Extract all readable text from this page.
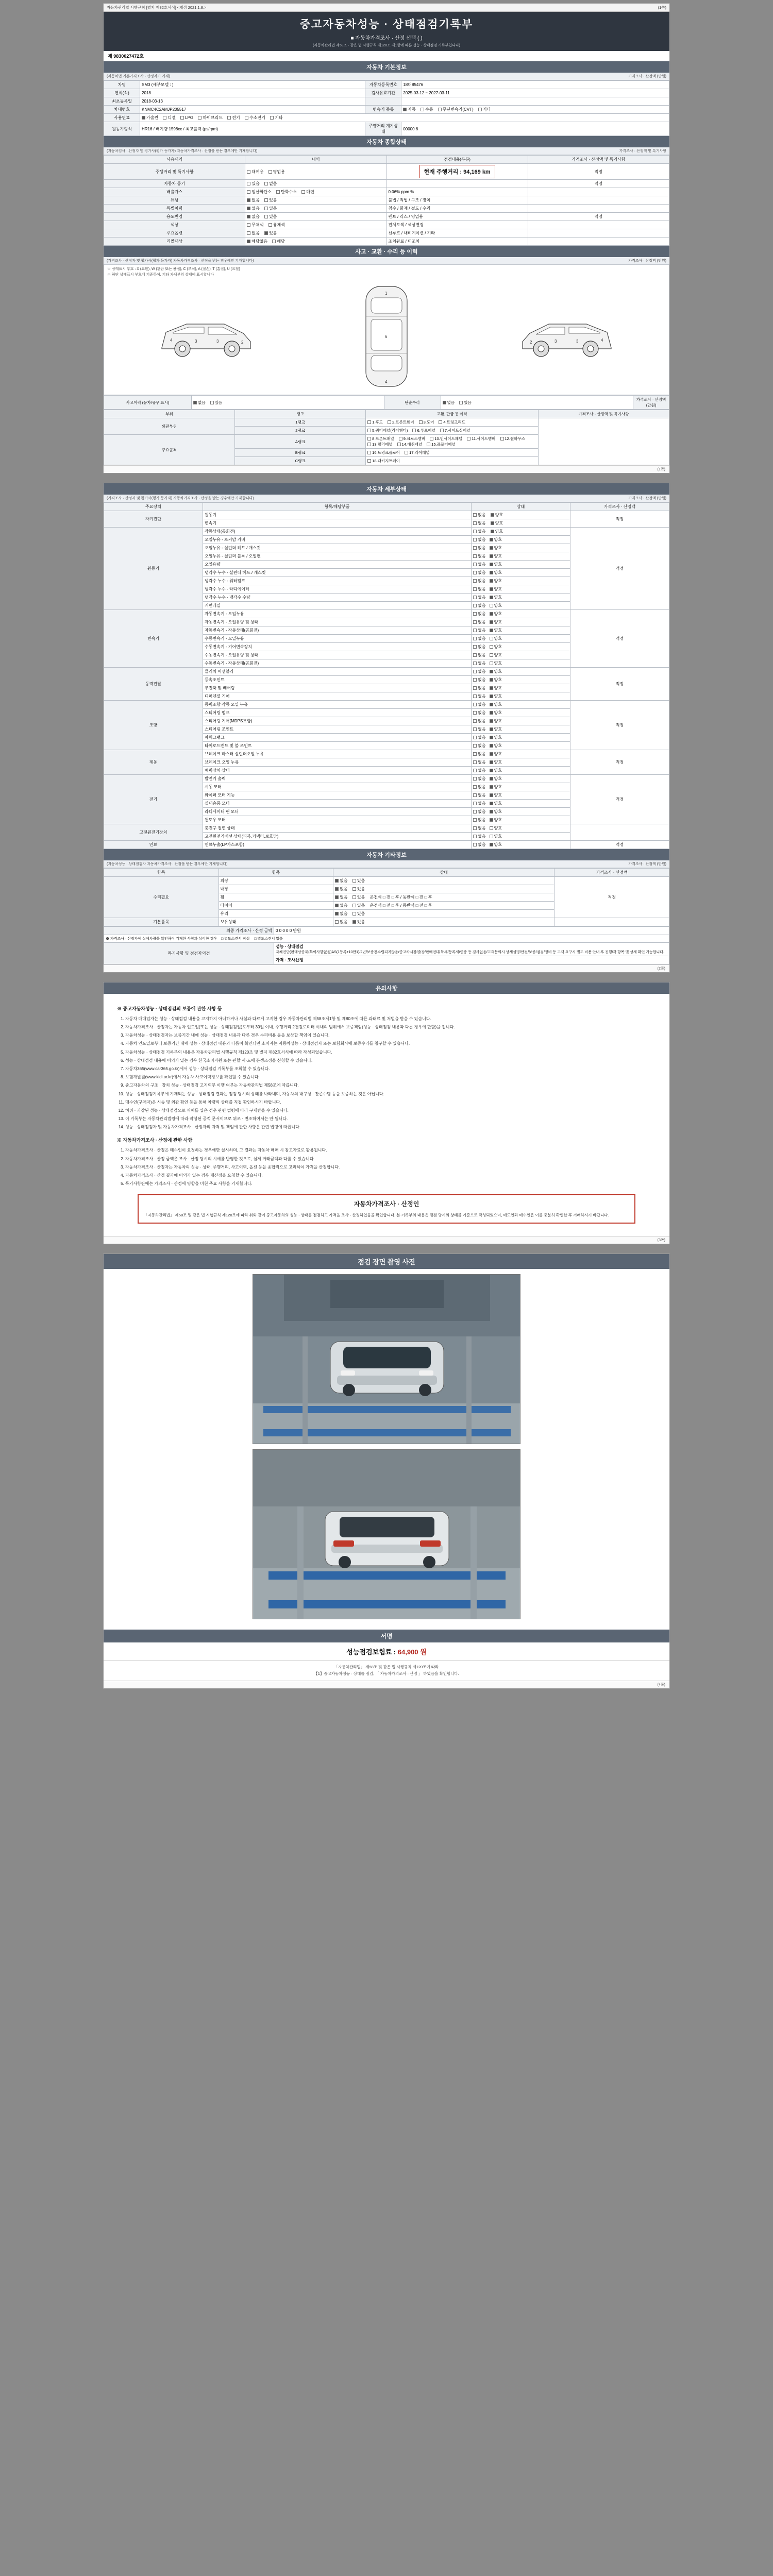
자동차관리법 시행규칙 [별지 제82호서식] <개정 2021.1.8.>	(1쪽)
중고자동차성능 · 상태점검기록부
■ 자동차가격조사 · 산정 선택 ( )
(자동차관리법 제58조 · 같은 법 시행규칙 제120조 제1항에 따른 성능 · 상태점검 기록부입니다)
제 9830027472호
자동차 기본정보
(자동차법 기본가격조사 · 산정자가 기재)	가격조사 · 산정액 (만원)
차명	SM3 (세부모델 : )	자동차등록번호	18머85476
연식(식)	2018	검사유효기간	2025-03-12 ~ 2027-03-11
최초등록일	2018-03-13		
차대번호	KNMC4C2AMJP205517	변속기 종류	자동 수동 무단변속기(CVT) 기타
사용연료	가솔린 디젤 LPG 하이브리드 전기 수소전기 기타		
원동기형식	HR16 / 배기량 1598cc / 최고출력 (ps/rpm)	주행거리 계기상태	00000 6
자동차 종합상태
(자동차검사 · 산정자 및 평가사(평가 등가자) 자동차가격조사 · 산정을 받는 경우에만 기재합니다)	가격조사 · 산정액 및 특기사항
사용내역	내역	점검내용(부분)	가격조사 · 산정액 및 특기사항
주행거리 및 특기사항	대여용 영업용	현재 주행거리 : 94,169 km	적정
자동차 등기	있음 없음		적정
배출가스	일산화탄소 탄화수소 매연	0.06% ppm %	
튜닝	없음 있음	불법 / 적법 / 구조 / 장치	
특별이력	없음 있음	침수 / 화재 / 절도 / 수리	
용도변경	없음 있음	렌트 / 리스 / 영업용	적정
색상	무채색 유채색	전체도색 / 색상변경	
주요옵션	없음 있음	선루프 / 내비게이션 / 기타	
리콜대상	해당없음 해당	조치완료 / 미조치	
사고 · 교환 · 수리 등 이력
(가격조사 · 산정자 및 평가사(평가 등가자) 자동차가격조사 · 산정을 받는 경우에만 기재합니다)	가격조사 · 산정액 (만원)
※ 상태표시 부호 : X (교환), W (판금 또는 용접), C (부식), A (절손), T (흠집), U (요철)
※ 하단 상태표시 부호에 기준하여, 기타 차체부위 상태에 표시합니다
4	3	3	2
1
6
4
4
3
3
2
사고이력 (유자/유무 표시)	없음 있음	단순수리	없음 있음	가격조사 · 산정액 (만원)
부위	랭크	교환, 판금 등 이력	가격조사 · 산정액 및 특기사항
외판부위	1랭크	1.후드 2.프론트휀더 3.도어 4.트렁크리드	
	2랭크	5.쿼터패널(리어휀더) 6.루프패널 7.사이드실패널	
주요골격	A랭크	8.프론트패널 9.크로스멤버 10.인사이드패널 11.사이드멤버 12.휠하우스 13.필러패널 14.대쉬패널 15.플로어패널	
	B랭크	16.트렁크플로어 17.리어패널	
	C랭크	18.패키지트레이	
(1쪽)
자동차 세부상태
(가격조사 · 산정자 및 평가사(평가 등가자) 자동차가격조사 · 산정을 받는 경우에만 기재합니다)	가격조사 · 산정액 (만원)
주요장치	항목/해당부품	상태	가격조사 · 산정액
자기진단	원동기	없음 양호	적정
	변속기	없음 양호	
원동기	작동상태(공회전)	없음 양호	적정
	오일누유 - 로커암 커버	없음 양호	
	오일누유 - 실린더 헤드 / 개스킷	없음 양호	
	오일누유 - 실린더 블록 / 오일팬	없음 양호	
	오일유량	없음 양호	
	냉각수 누수 - 실린더 헤드 / 개스킷	없음 양호	
	냉각수 누수 - 워터펌프	없음 양호	
	냉각수 누수 - 라디에이터	없음 양호	
	냉각수 누수 - 냉각수 수량	없음 양호	
	커먼레일	없음 양호	
변속기	자동변속기 - 오일누유	없음 양호	적정
	자동변속기 - 오일유량 및 상태	없음 양호	
	자동변속기 - 작동상태(공회전)	없음 양호	
	수동변속기 - 오일누유	없음 양호	
	수동변속기 - 기어변속장치	없음 양호	
	수동변속기 - 오일유량 및 상태	없음 양호	
	수동변속기 - 작동상태(공회전)	없음 양호	
동력전달	클러치 어셈블리	없음 양호	적정
	등속조인트	없음 양호	
	추진축 및 베어링	없음 양호	
	디퍼렌셜 기어	없음 양호	
조향	동력조향 작동 오일 누유	없음 양호	적정
	스티어링 펌프	없음 양호	
	스티어링 기어(MDPS포함)	없음 양호	
	스티어링 조인트	없음 양호	
	파워크랭크	없음 양호	
	타이로드엔드 및 볼 조인트	없음 양호	
제동	브레이크 마스터 실린더오일 누유	없음 양호	적정
	브레이크 오일 누유	없음 양호	
	배력장치 상태	없음 양호	
전기	발전기 출력	없음 양호	적정
	시동 모터	없음 양호	
	와이퍼 모터 기능	없음 양호	
	실내송풍 모터	없음 양호	
	라디에이터 팬 모터	없음 양호	
	윈도우 모터	없음 양호	
고전원전기장치	충전구 절연 상태	없음 양호	
	고전원전기배선 상태(피복,커넥터,보호망)	없음 양호	
연료	연료누출(LP가스포함)	없음 양호	적정
자동차 기타정보
(자동차성능 · 상태점검자 자동차가격조사 · 산정을 받는 경우에만 기재합니다)	가격조사 · 산정액 (만원)
항목	항목	상태	가격조사 · 산정액
수리필요	외장	없음 있음	적정
	내장	없음 있음	
	휠	없음 있음 운전석 □ 전 □ 후 / 동반석 □ 전 □ 후	
	타이어	없음 있음 운전석 □ 전 □ 후 / 동반석 □ 전 □ 후	
	유리	없음 있음	
기본품목	보유상태	없음 있음	
최종 가격조사 · 산정 금액	0 0 0 0 0 만원
※ 가격조사 · 산정자에 실제차량을 확인하여 기재한 사항과 상이한 경우 □ 별도소견서 작성 □ 별도소견서 없음	
특기사항 및 점검자의견	성능 · 상태점검
자체진단(판매상공제(특이사항없음)AS(1등록+10만1)/2년/보증전수립되지않음/중고차시장/출장/판매전/취득세/등록세/인증 등 검사없음/고객문의시 상세설명/안전/보증/점검/정비 등 고객 요구시 별도 비용 안내 후 진행/각 항목 별 상세 확인 가능합니다.

	가격 · 조사산정
(2쪽)
유의사항
※ 중고자동차성능 · 상태점검의 보증에 관한 사항 등
1. 자동차 매매업자는 성능 · 상태점검 내용을 고지하지 아니하거나 사실과 다르게 고지한 경우 자동차관리법 제58조제1항 및 제80조에 따른 과태료 및 처벌을 받을 수 있습니다.
2. 자동차가격조사 · 산정자는 자동차 인도일(또는 성능 · 상태점검일)로부터 30일 이내, 주행거리 2천킬로미터 이내의 범위에서 보증책임(성능 · 상태점검 내용과 다른 경우에 한함)을 집니다.
3. 자동차성능 · 상태점검자는 보증기간 내에 성능 · 상태점검 내용과 다른 경우 수리비용 등을 보상할 책임이 있습니다.
4. 자동차 인도일로부터 보증기간 내에 성능 · 상태점검 내용과 다름이 확인되면 소비자는 자동차성능 · 상태점검자 또는 보험회사에 보증수리를 청구할 수 있습니다.
5. 자동차성능 · 상태점검 기록부의 내용은 자동차관리법 시행규칙 제120조 및 별지 제82호서식에 따라 작성되었습니다.
6. 성능 · 상태점검 내용에 이의가 있는 경우 한국소비자원 또는 관할 시·도에 분쟁조정을 신청할 수 있습니다.
7. 자동차365(www.car365.go.kr)에서 성능 · 상태점검 기록부를 조회할 수 있습니다.
8. 보험개발원(www.kidi.or.kr)에서 자동차 사고이력정보를 확인할 수 있습니다.
9. 중고자동차의 구조 · 장치 성능 · 상태점검 고지의무 이행 여부는 자동차관리법 제58조에 따릅니다.
10. 성능 · 상태점검기록부에 기재되는 성능 · 상태점검 결과는 점검 당시의 상태를 나타내며, 자동차의 내구성 · 잔존수명 등을 보증하는 것은 아닙니다.
11. 매수인(구매자)은 시승 및 외관 확인 등을 통해 차량의 상태를 직접 확인하시기 바랍니다.
12. 허위 · 과장된 성능 · 상태점검으로 피해를 입은 경우 관련 법령에 따라 구제받을 수 있습니다.
13. 이 기록부는 자동차관리법령에 따라 작성된 공적 문서이므로 위조 · 변조하여서는 안 됩니다.
14. 성능 · 상태점검자 및 자동차가격조사 · 산정자의 자격 및 책임에 관한 사항은 관련 법령에 따릅니다.
※ 자동차가격조사 · 산정에 관한 사항
1. 자동차가격조사 · 산정은 매수인이 요청하는 경우에만 실시하며, 그 결과는 자동차 매매 시 참고자료로 활용됩니다.
2. 자동차가격조사 · 산정 금액은 조사 · 산정 당시의 시세를 반영한 것으로, 실제 거래금액과 다를 수 있습니다.
3. 자동차가격조사 · 산정자는 자동차의 성능 · 상태, 주행거리, 사고이력, 옵션 등을 종합적으로 고려하여 가격을 산정합니다.
4. 자동차가격조사 · 산정 결과에 이의가 있는 경우 재산정을 요청할 수 있습니다.
5. 특기사항란에는 가격조사 · 산정에 영향을 미친 주요 사항을 기재합니다.
자동차가격조사 · 산정인
「자동차관리법」 제58조 및 같은 법 시행규칙 제120조에 따라 위와 같이 중고자동차의 성능 · 상태를 점검하고 가격을 조사 · 산정하였음을 확인합니다. 본 기록부의 내용은 점검 당시의 상태를 기준으로 작성되었으며, 매도인과 매수인은 이를 충분히 확인한 후 거래하시기 바랍니다.
(3쪽)
점검 장면 촬영 사진
서명
성능점검보험료 : 64,900 원
「자동차관리법」 제58조 및 같은 법 시행규칙 제120조에 따라
【1】중고자동차성능 · 상태를 점검, 「 자동차가격조사 · 산정 」 하였음을 확인합니다.
(4쪽)
